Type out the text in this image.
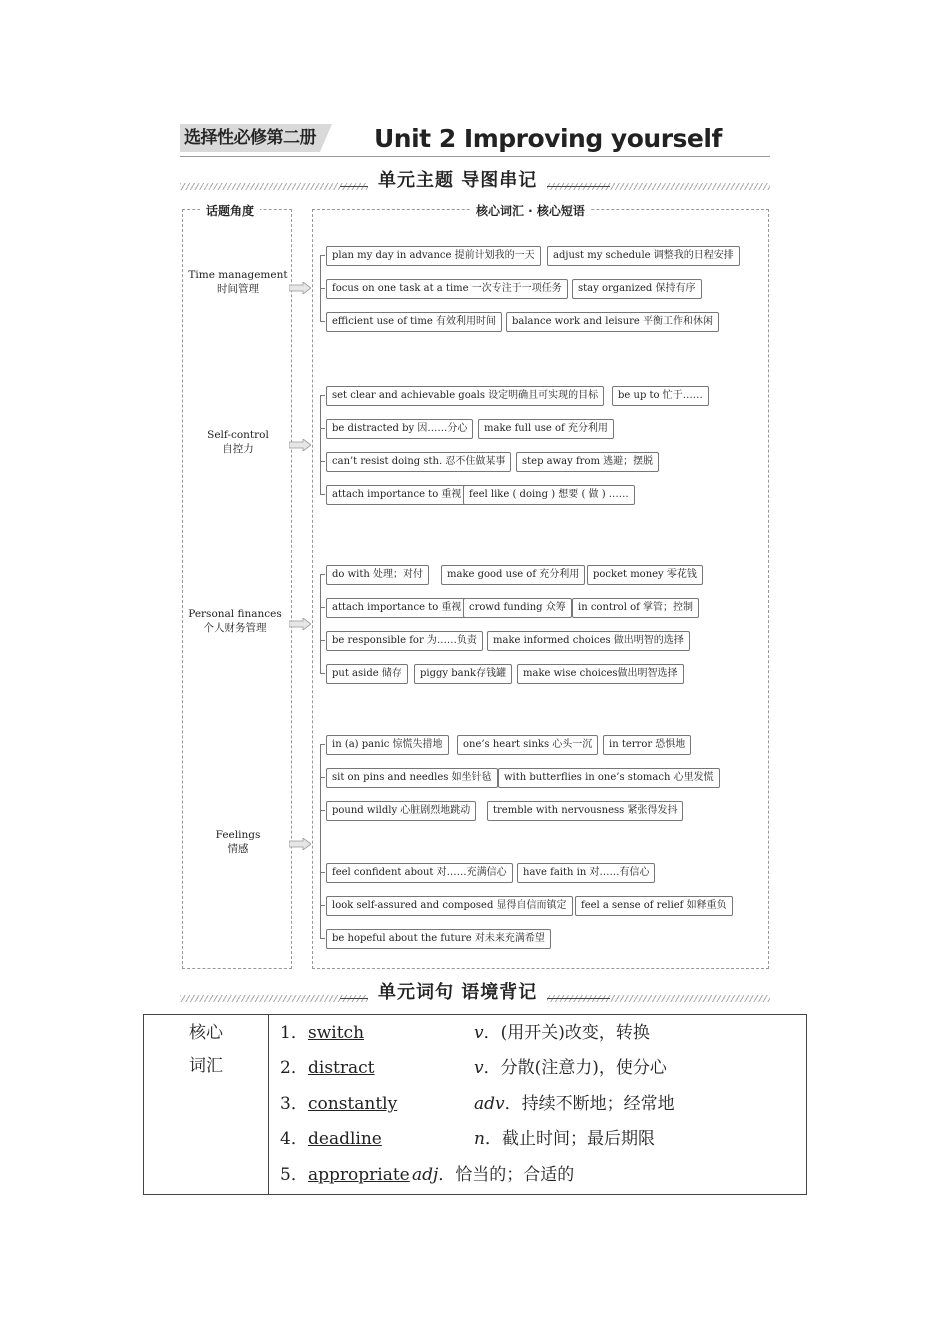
选择性必修第二册 Unit 2 Improving yourself
单元主题 导图串记
话题角度	核心词汇 · 核心短语
Time management
时间管理
Self-control
自控力
Personal finances
个人财务管理
Feelings
情感
plan my day in advance 提前计划我的一天	adjust my schedule 调整我的日程安排
focus on one task at a time 一次专注于一项任务	stay organized 保持有序
efficient use of time 有效利用时间	balance work and leisure 平衡工作和休闲
set clear and achievable goals 设定明确且可实现的目标	be up to 忙于……
be distracted by 因……分心	make full use of 充分利用
can’t resist doing sth. 忍不住做某事	step away from 逃避；摆脱
attach importance to 重视 feel like ( doing ) 想要 ( 做 ) ……
do with 处理；对付	make good use of 充分利用	pocket money 零花钱
attach importance to 重视 crowd funding 众筹	in control of 掌管；控制
be responsible for 为……负责	make informed choices 做出明智的选择
put aside 储存	piggy bank存钱罐	make wise choices做出明智选择
in (a) panic 惊慌失措地	one’s heart sinks 心头一沉	in terror 恐惧地
sit on pins and needles 如坐针毡	with butterflies in one’s stomach 心里发慌
pound wildly 心脏剧烈地跳动	tremble with nervousness 紧张得发抖
feel confident about 对……充满信心	have faith in 对……有信心
look self-assured and composed 显得自信而镇定	feel a sense of relief 如释重负
be hopeful about the future 对未来充满希望
单元词句 语境背记
核心
词汇

1． switch	v．(用开关)改变，转换
2． distract	v．分散(注意力)，使分心
3． constantly	adv．持续不断地；经常地
4． deadline	n．截止时间；最后期限
5． appropriate adj．恰当的；合适的
